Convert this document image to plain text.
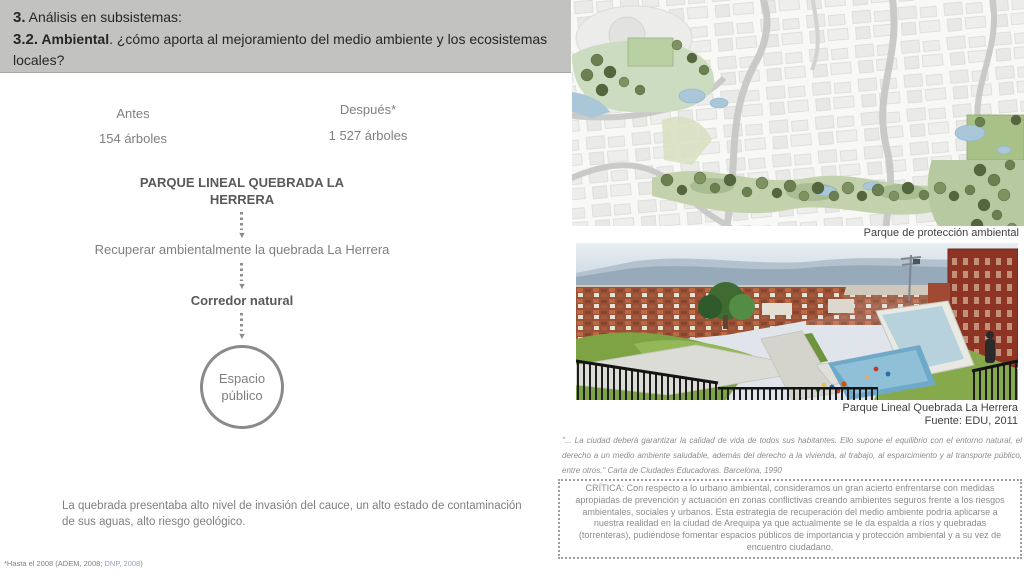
3. Análisis en subsistemas:
3.2. Ambiental. ¿cómo aporta al mejoramiento del medio ambiente y los ecosistemas locales?
Antes
154 árboles
Después*
1 527 árboles
PARQUE LINEAL QUEBRADA LA HERRERA
▼
Recuperar ambientalmente la quebrada La Herrera
▼
Corredor natural
▼
Espacio público
La quebrada presentaba alto nivel de invasión del cauce, un alto estado de contaminación de sus aguas, alto riesgo geológico.
*Hasta el 2008 (ADEM, 2008; DNP, 2008)
Parque de protección ambiental
Parque Lineal Quebrada La Herrera
Fuente: EDU, 2011
"... La ciudad deberá garantizar la calidad de vida de todos sus habitantes. Ello supone el equilibrio con el entorno natural, el derecho a un medio ambiente saludable, además del derecho a la vivienda, al trabajo, al esparcimiento y al transporte público, entre otros." Carta de Ciudades Educadoras. Barcelona, 1990
CRÍTICA: Con respecto a lo urbano ambiental, consideramos un gran acierto enfrentarse con medidas apropiadas de prevención y actuación en zonas conflictivas creando ambientes seguros frente a los riesgos ambientales, sociales y urbanos. Esta estrategia de recuperación del medio ambiente podría aplicarse a nuestra realidad en la ciudad de Arequipa ya que actualmente se le da espalda a ríos y quebradas (torrenteras), pudiéndose fomentar espacios públicos de importancia y protección ambiental y a su vez de encuentro ciudadano.
